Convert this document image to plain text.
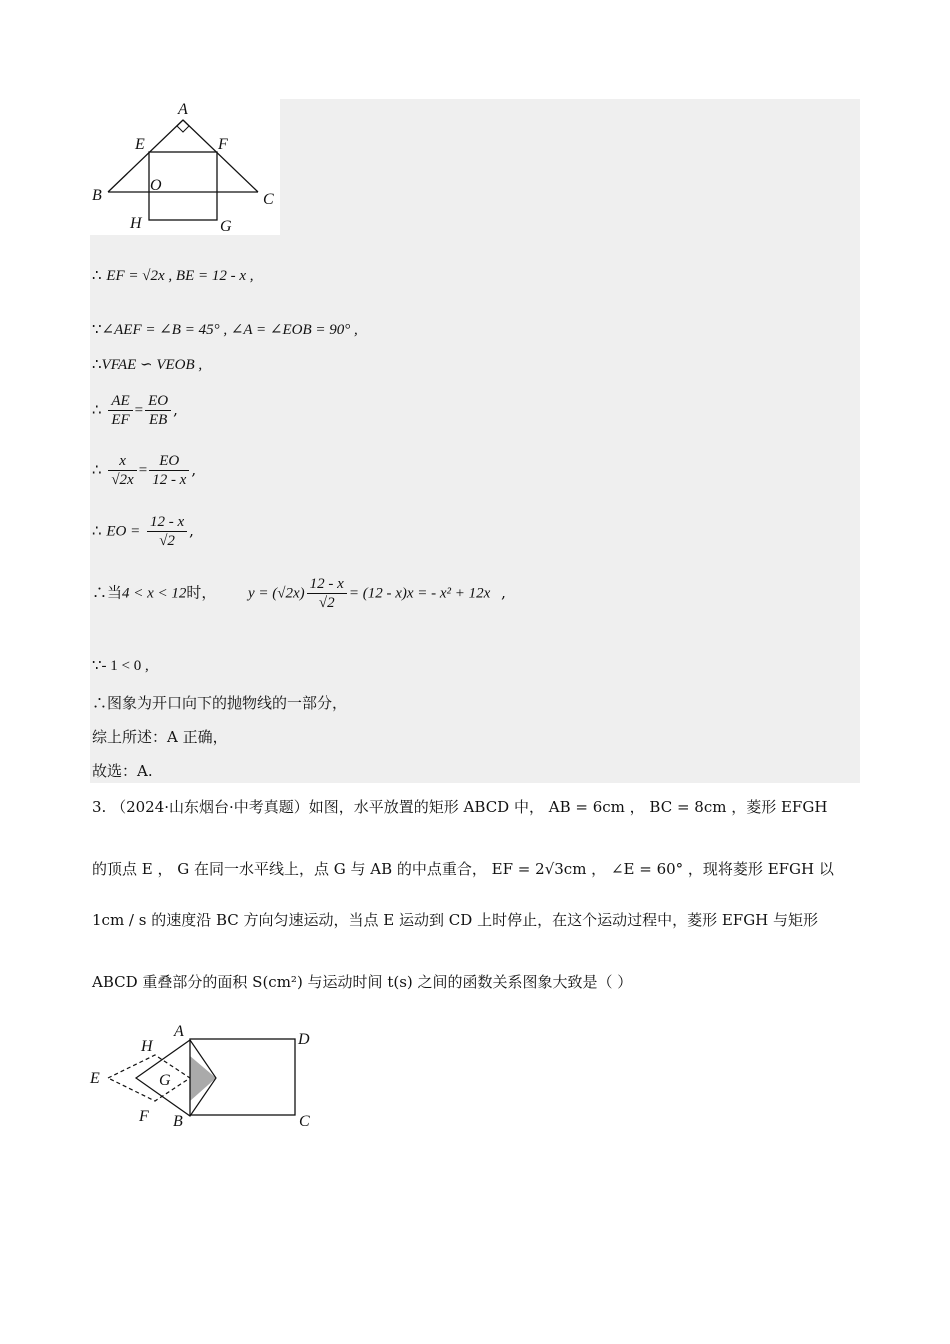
A
E	F
B
O
C
H	G
∴ EF = √2x , BE = 12 - x ,
∵∠AEF = ∠B = 45° , ∠A = ∠EOB = 90° ,
∴VFAE ∽ VEOB ,
∴ $\frac{AE}{EF} = \frac{EO}{EB}$ ,
∴ $\frac{x}{√2x} = \frac{EO}{12 - x}$ ,
∴ EO = $\frac{12 - x}{√2}$ ,
∴当4 < x < 12时， $y = (√2x) \frac{12 - x}{√2} = (12 - x)x$ = - x² + 12x ,
∵- 1 < 0 ,
∴图象为开口向下的抛物线的一部分，
综上所述：A 正确，
故选：A.
3. （2024·山东烟台·中考真题）如图，水平放置的矩形 ABCD 中， AB = 6cm ， BC = 8cm ，菱形 EFGH
的顶点 E ， G 在同一水平线上，点 G 与 AB 的中点重合， EF = 2√3cm ， ∠E = 60° ，现将菱形 EFGH 以
1cm / s 的速度沿 BC 方向匀速运动，当点 E 运动到 CD 上时停止，在这个运动过程中，菱形 EFGH 与矩形
ABCD 重叠部分的面积 S(cm²) 与运动时间 t(s) 之间的函数关系图象大致是（ ）
A	D
H
E	G
F B	C
